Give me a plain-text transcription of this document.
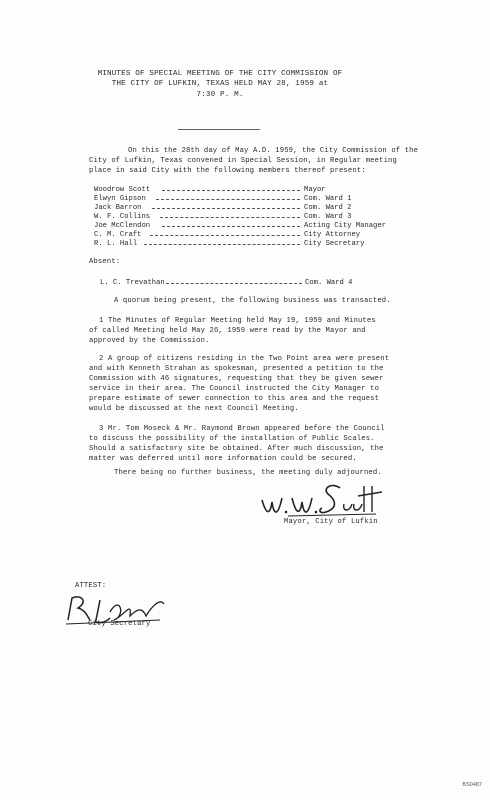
MINUTES OF SPECIAL MEETING OF THE CITY COMMISSION OF
THE CITY OF LUFKIN, TEXAS HELD MAY 28, 1959 at
7:30 P. M.
On this the 28th day of May A.D. 1959, the City Commission of the
City of Lufkin, Texas convened in Special Session, in Regular meeting
place in said City with the following members thereof present:
Woodrow Scott	Mayor
Elwyn Gipson	Com. Ward 1
Jack Barron	Com. Ward 2
W. F. Collins	Com. Ward 3
Joe McClendon	Acting City Manager
C. M. Craft	City Attorney
R. L. Hall	City Secretary
Absent:
L. C. Trevathan	Com. Ward 4
A quorum being present, the following business was transacted.
1 The Minutes of Regular Meeting held May 19, 1959 and Minutes
of called Meeting held May 26, 1959 were read by the Mayor and
approved by the Commission.
2 A group of citizens residing in the Two Point area were present
and with Kenneth Strahan as spokesman, presented a petition to the
Commission with 46 signatures, requesting that they be given sewer
service in their area. The Council instructed the City Manager to
prepare estimate of sewer connection to this area and the request
would be discussed at the next Council Meeting.
3 Mr. Tom Moseck & Mr. Raymond Brown appeared before the Council
to discuss the possibility of the installation of Public Scales.
Should a satisfactory site be obtained. After much discussion, the
matter was deferred until more information could be secured.
There being no further business, the meeting duly adjourned.
Mayor, City of Lufkin
ATTEST:
City Secretary
BS0487
